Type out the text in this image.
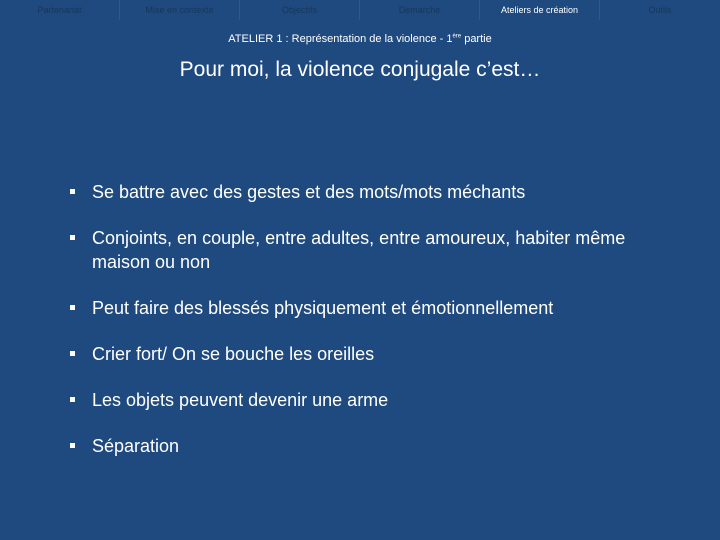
Partenariat	Mise en contexte	Objectifs	Démarche	Ateliers de création	Outils
ATELIER 1 : Représentation de la violence - 1ère partie
Pour moi, la violence conjugale c’est…
Se battre avec des gestes et des mots/mots méchants
Conjoints, en couple, entre adultes, entre amoureux, habiter même maison ou non
Peut faire des blessés physiquement et émotionnellement
Crier fort/ On se bouche les oreilles
Les objets peuvent devenir une arme
Séparation
